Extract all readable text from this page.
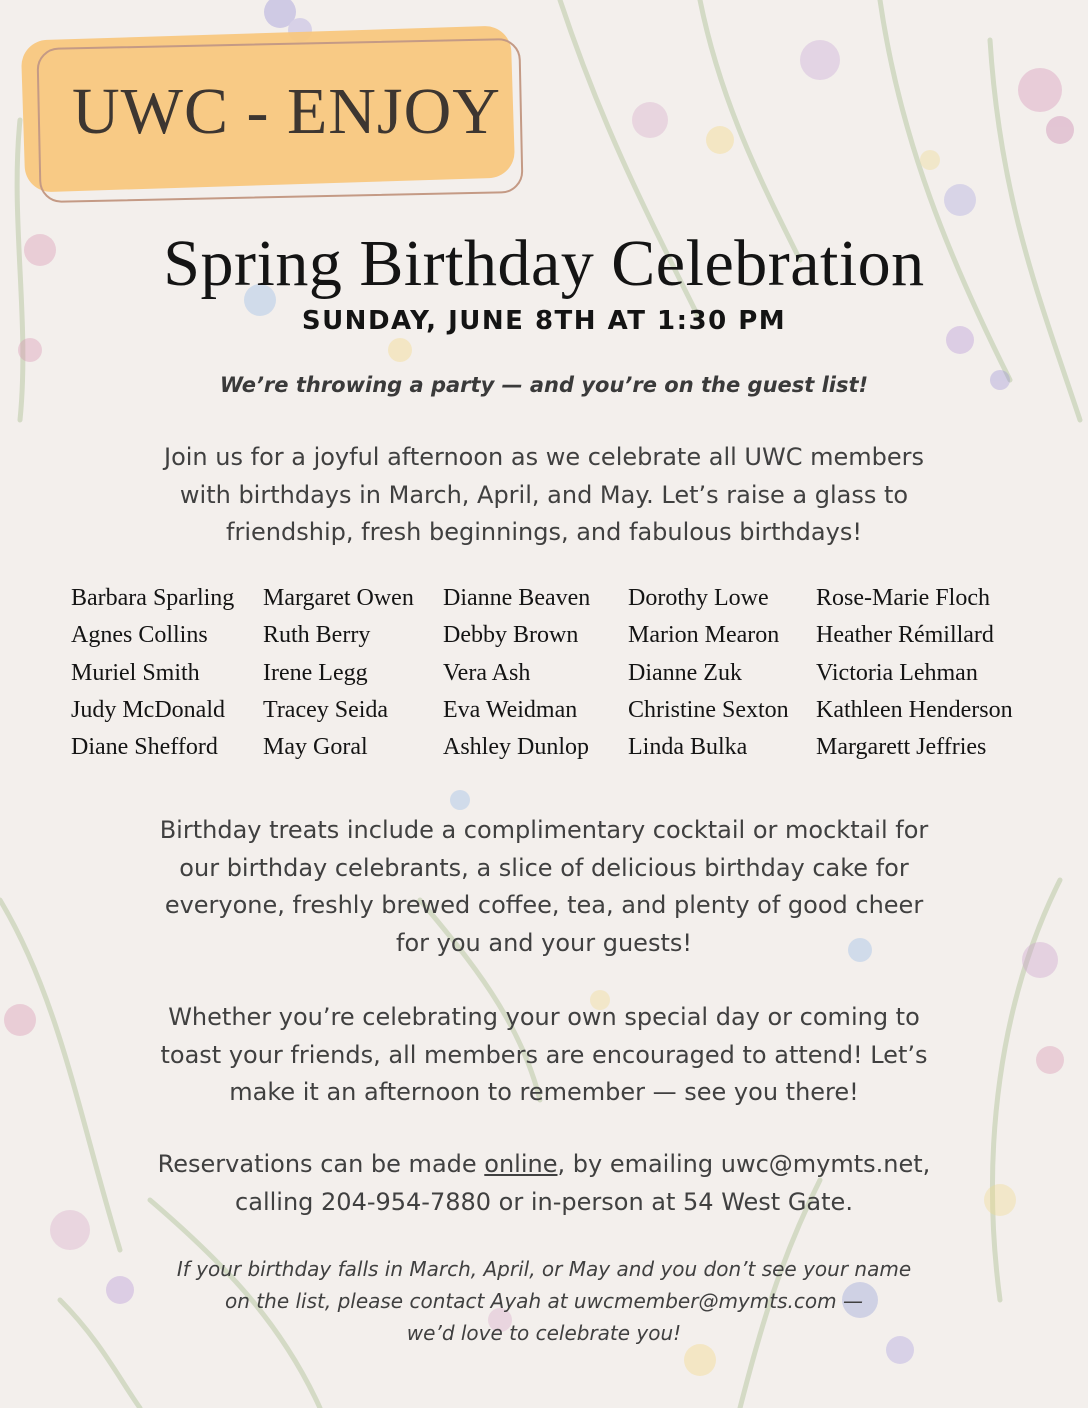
UWC - ENJOY
Spring Birthday Celebration
SUNDAY, JUNE 8TH AT 1:30 PM
We’re throwing a party — and you’re on the guest list!
Join us for a joyful afternoon as we celebrate all UWC members
with birthdays in March, April, and May. Let’s raise a glass to
friendship, fresh beginnings, and fabulous birthdays!
Barbara Sparling
Agnes Collins
Muriel Smith
Judy McDonald
Diane Shefford
Margaret Owen
Ruth Berry
Irene Legg
Tracey Seida
May Goral
Dianne Beaven
Debby Brown
Vera Ash
Eva Weidman
Ashley Dunlop
Dorothy Lowe
Marion Mearon
Dianne Zuk
Christine Sexton
Linda Bulka
Rose-Marie Floch
Heather Rémillard
Victoria Lehman
Kathleen Henderson
Margarett Jeffries
Birthday treats include a complimentary cocktail or mocktail for
our birthday celebrants, a slice of delicious birthday cake for
everyone, freshly brewed coffee, tea, and plenty of good cheer
for you and your guests!
Whether you’re celebrating your own special day or coming to
toast your friends, all members are encouraged to attend! Let’s
make it an afternoon to remember — see you there!
Reservations can be made online, by emailing uwc@mymts.net,
calling 204-954-7880 or in-person at 54 West Gate.
If your birthday falls in March, April, or May and you don’t see your name
on the list, please contact Ayah at uwcmember@mymts.com —
we’d love to celebrate you!
